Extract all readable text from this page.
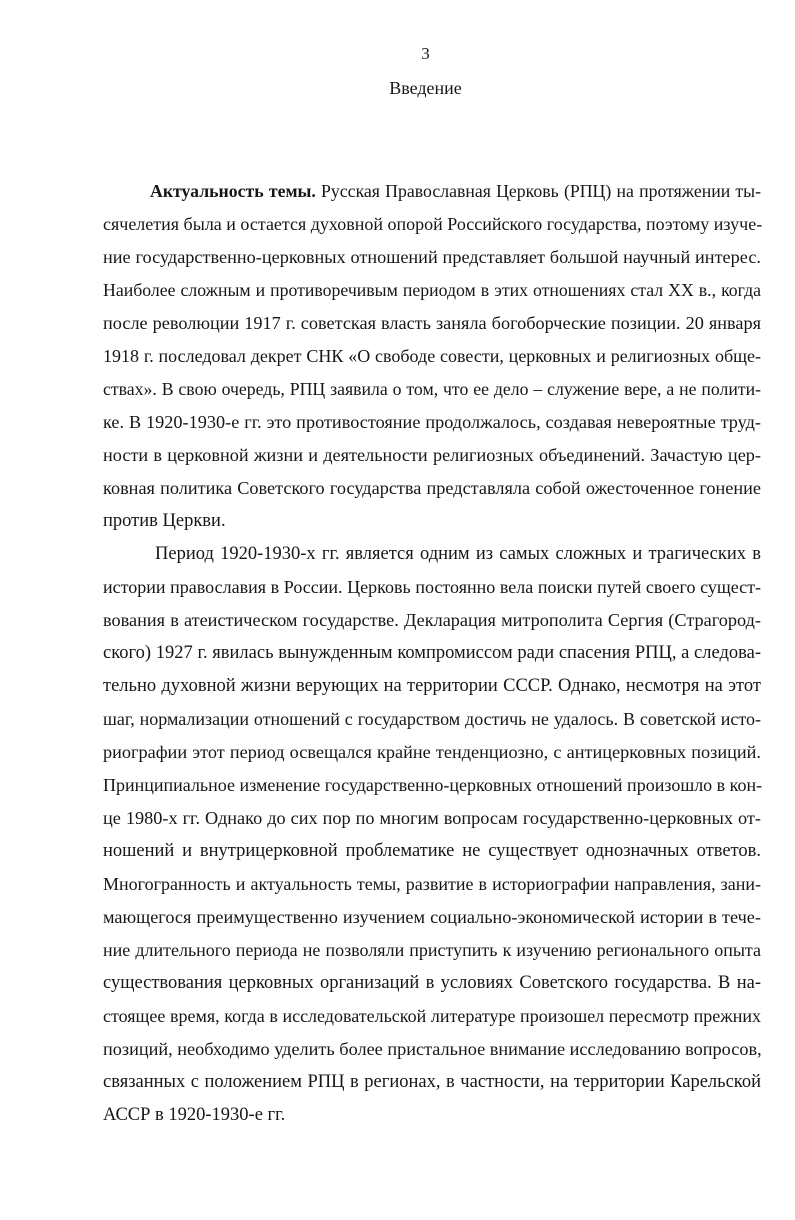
3
Введение
Актуальность темы. Русская Православная Церковь (РПЦ) на протяжении ты-
сячелетия была и остается духовной опорой Российского государства, поэтому изуче-
ние государственно-церковных отношений представляет большой научный интерес.
Наиболее сложным и противоречивым периодом в этих отношениях стал XX в., когда
после революции 1917 г. советская власть заняла богоборческие позиции. 20 января
1918 г. последовал декрет СНК «О свободе совести, церковных и религиозных обще-
ствах». В свою очередь, РПЦ заявила о том, что ее дело – служение вере, а не полити-
ке. В 1920-1930-е гг. это противостояние продолжалось, создавая невероятные труд-
ности в церковной жизни и деятельности религиозных объединений. Зачастую цер-
ковная политика Советского государства представляла собой ожесточенное гонение
против Церкви.
Период 1920-1930-х гг. является одним из самых сложных и трагических в
истории православия в России. Церковь постоянно вела поиски путей своего сущест-
вования в атеистическом государстве. Декларация митрополита Сергия (Страгород-
ского) 1927 г. явилась вынужденным компромиссом ради спасения РПЦ, а следова-
тельно духовной жизни верующих на территории СССР. Однако, несмотря на этот
шаг, нормализации отношений с государством достичь не удалось. В советской исто-
риографии этот период освещался крайне тенденциозно, с антицерковных позиций.
Принципиальное изменение государственно-церковных отношений произошло в кон-
це 1980-х гг. Однако до сих пор по многим вопросам государственно-церковных от-
ношений и внутрицерковной проблематике не существует однозначных ответов.
Многогранность и актуальность темы, развитие в историографии направления, зани-
мающегося преимущественно изучением социально-экономической истории в тече-
ние длительного периода не позволяли приступить к изучению регионального опыта
существования церковных организаций в условиях Советского государства. В на-
стоящее время, когда в исследовательской литературе произошел пересмотр прежних
позиций, необходимо уделить более пристальное внимание исследованию вопросов,
связанных с положением РПЦ в регионах, в частности, на территории Карельской
АССР в 1920-1930-е гг.
